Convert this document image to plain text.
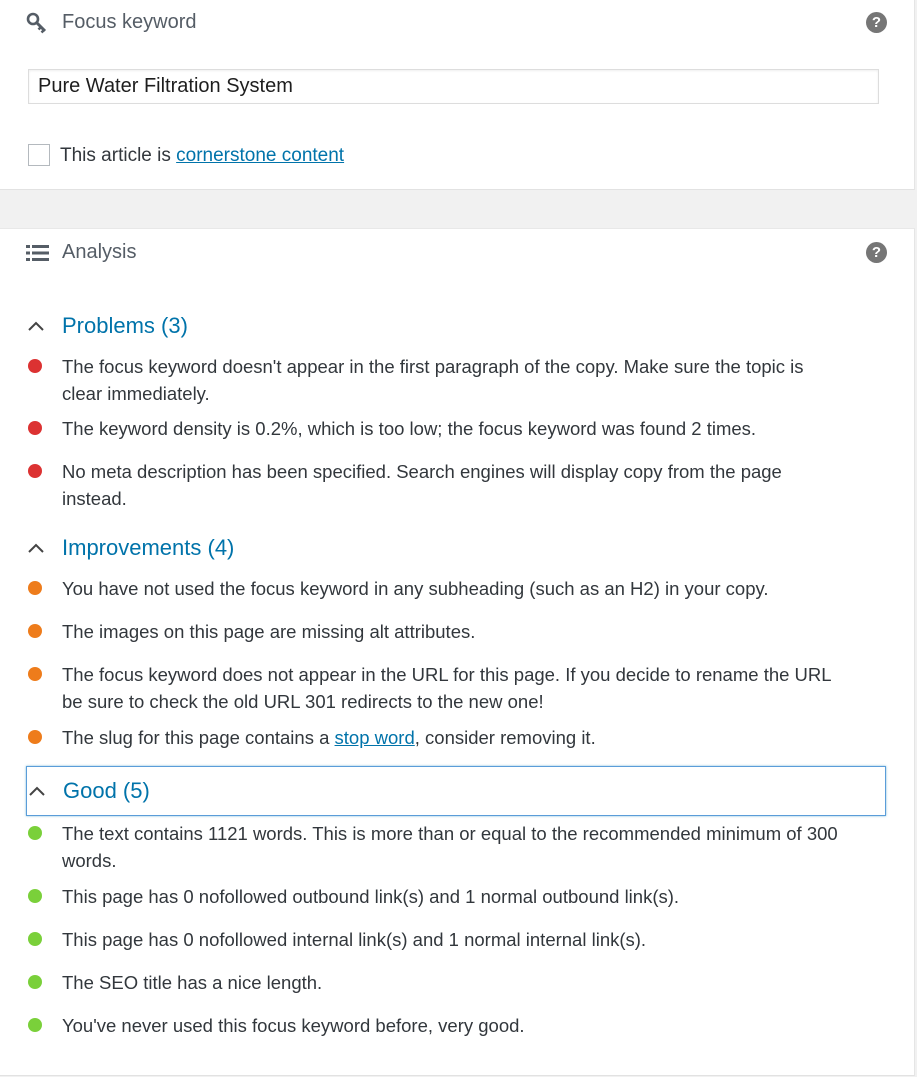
Focus keyword	?
Pure Water Filtration System
This article is cornerstone content
Analysis	?
Problems (3)
The focus keyword doesn't appear in the first paragraph of the copy. Make sure the topic is clear immediately.
The keyword density is 0.2%, which is too low; the focus keyword was found 2 times.
No meta description has been specified. Search engines will display copy from the page instead.
Improvements (4)
You have not used the focus keyword in any subheading (such as an H2) in your copy.
The images on this page are missing alt attributes.
The focus keyword does not appear in the URL for this page. If you decide to rename the URL be sure to check the old URL 301 redirects to the new one!
The slug for this page contains a stop word, consider removing it.
Good (5)
The text contains 1121 words. This is more than or equal to the recommended minimum of 300 words.
This page has 0 nofollowed outbound link(s) and 1 normal outbound link(s).
This page has 0 nofollowed internal link(s) and 1 normal internal link(s).
The SEO title has a nice length.
You've never used this focus keyword before, very good.
